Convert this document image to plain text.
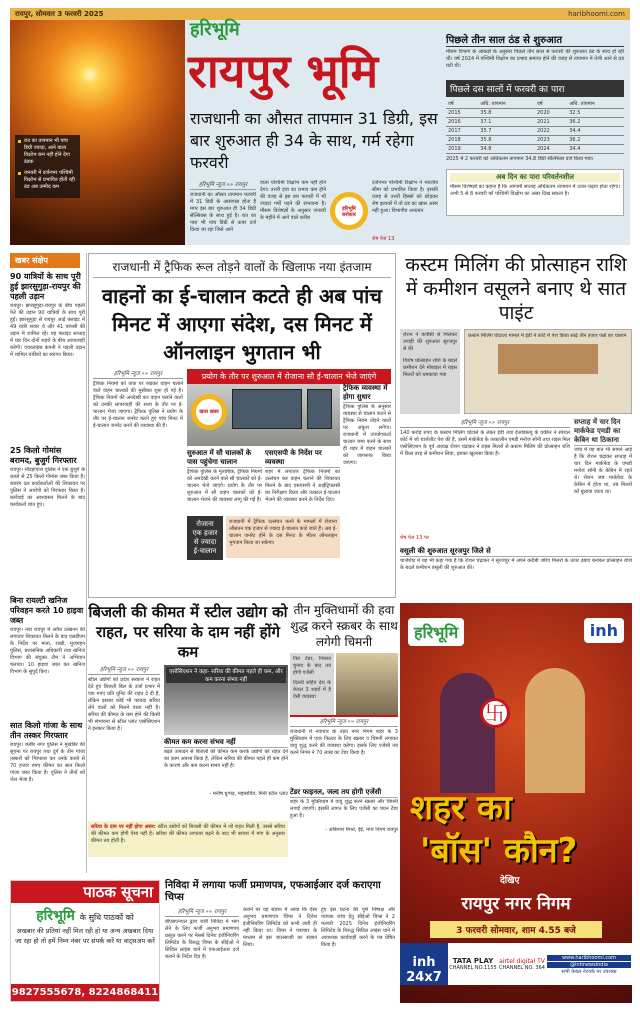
रायपुर, सोमवार 3 फरवरी 2025	haribhoomi.com
रात का तापमान भी पांच डिग्री ज्यादा, आने वाला विक्षोभ कम नहीं होने देगा ठंडक
जनवरी में दर्जनभर पश्चिमी विक्षोभ से प्रभावित होती रही ठंड अब उम्मीद कम
हरिभूमि
रायपुर भूमि
राजधानी का औसत तापमान 31 डिग्री, इस बार शुरुआत ही 34 के साथ, गर्म रहेगा फरवरी
हरिभूमि न्यूज »» रायपुर
राजधानी का औसत तापमान फरवरी में 31 डिग्री के आसपास होता है मगर इस बार शुरुआत ही 34 डिग्री सेल्सियस के साथ हुई है। रात का पारा भी पांच डिग्री से ऊपर दर्ज किया जा रहा जिसे आने
वाला पश्चिमी विक्षोभ कम नहीं होने देगा। उत्तरी हवा का प्रभाव कम होने की वजह से इस बार फरवरी में भी ज्यादा गर्मी पड़ने की संभावना है। मौसम विशेषज्ञों के अनुसार जनवरी के महीने में आने वाले करीब
हरिभूमि सरोकार
दर्जनभर पश्चिमी विक्षोभ ने भारतीय सीमा को प्रभावित किया है। इसकी वजह से उत्तरी हिस्सों को छोड़कर शेष इलाकों में तो ठंड का खास असर नहीं हुआ। विभागीय अध्ययन
शेष पेज 13
पिछले तीन साल ठंड से शुरुआत
मौसम विभाग के आंकड़ों के अनुसार पिछले तीन साल से फरवरी की शुरुआत ठंड के साथ हो रही थी। वर्ष 2024 में पश्चिमी विक्षोभ का प्रभाव समाप्त होने की वजह से तापमान में तेजी आने से ठंड घटी थी।
पिछले दस सालों में फरवरी का पारा
वर्ष	अधि. तापमान	वर्ष	अधि. तापमान
2015	35.8	2020	32.5
2016	37.1	2021	36.2
2017	35.7	2022	34.4
2018	35.8	2023	36.2
2019	34.8	2024	34.4
2025 में 2 फरवरी को अधिकतम तापमान 34.8 डिग्री सेल्सियस दर्ज किया गया।
अब दिन का पारा परिवर्तनशील
मौसम विशेषज्ञों का कहना है कि आगामी सप्ताह अधिकतम तापमान में उतार-चढ़ाव होता रहेगा। अभी 5 से 8 फरवरी को पश्चिमी विक्षोभ का असर दिख सकता है।
खबर संक्षेप
90 यात्रियों के साथ पूरी हुई झारसुगुड़ा-रायपुर की पहली उड़ान
रायपुर। झारसुगुड़ा-रायपुर के बीच पहली फेरे की उड़ान 90 यात्रियों के साथ पूरी हुई। झारसुगुड़ा से रायपुर आई फ्लाइट में 49 यात्री सवार थे और 41 वापसी की उड़ान में शामिल रहे। यह फ्लाइट सप्ताह में चार दिन दोनों शहरों के बीच आवाजाही करेगी। एयरलाइंस कंपनी ने पहली उड़ान में शामिल यात्रियों का स्वागत किया।
25 किलो गोमांस बरामद, बुजुर्ग गिरफ्तार
रायपुर। मौदहापारा पुलिस ने एक बुजुर्ग के कब्जे से 25 किलो गोमांस जब्त किया है। बजरंग दल कार्यकर्ताओं की शिकायत पर पुलिस ने आरोपी को गिरफ्तार किया है। कार्रवाई का आश्वासन मिलने के बाद कार्यकर्ता शांत हुए।
बिना रायल्टी खनिज परिवहन करते 10 हाइवा जब्त
रायपुर। नवा रायपुर में अवैध उत्खनन की लगातार शिकायत मिलने के बाद एसडीएम के निर्देश पर माना, राखी, मुजगहन पुलिस, प्रशासनिक अधिकारी तथा खनिज विभाग की संयुक्त टीम ने अभियान चलाया। 10 हाइवा जब्त कर खनिज विभाग के सुपुर्द किए।
सात किलो गांजा के साथ तीन तस्कर गिरफ्तार
रायपुर। कबीर नगर पुलिस ने मुखबिर की सूचना पर रायपुर तथा दुर्ग के तीन गांजा तस्करों को गिरफ्तार कर उनके कब्जे से 70 हजार रुपए कीमत का सात किलो गांजा जब्त किया है। पुलिस ने तीनों को जेल भेजा है।
राजधानी में ट्रैफिक रूल तोड़ने वालों के खिलाफ नया इंतजाम
वाहनों का ई-चालान कटते ही अब पांच मिनट में आएगा संदेश, दस मिनट में ऑनलाइन भुगतान भी
हरिभूमि न्यूज »» रायपुर
ट्रैफिक नियमों को ताक पर रखकर वाहन चलाने वाले वाहन चालकों की मुसीबत शुरू हो गई है। ट्रैफिक नियमों की अनदेखी कर वाहन चलाने वालों को उनकी लापरवाही की सजा के तौर पर ई-चालान भेजा जाएगा। ट्रैफिक पुलिस ने प्रयोग के तौर पर ई-चालान जनरेट करते हुए पांच मिनट में ई-चालान जनरेट करने की व्यवस्था की है।
प्रयोग के तौर पर शुरुआत में रोजाना सौ ई-चालान भेजे जाएंगे
खास खबर
सुरुआत में सौ चालकों के पास पहुंचेगा चालान
ट्रैफिक पुलिस के मुताबिक, ट्रैफिक नियमों को अनदेखी करने वाले सौ चालकों को ई-चालान भेजे जाएंगे। प्रयोग के तौर पर शुरुआत में सौ वाहन चालकों को ई-चालान भेजने की व्यवस्था लागू की गई है।
एसएसपी के निर्देश पर व्यवस्था
शहर में लगातार ट्रैफिक नियमों का उल्लंघन कर वाहन चलाने की शिकायत मिलने के बाद एसएसपी ने आईट्रिपलसी का निरीक्षण किया और तत्काल ई-चालान भेजने की व्यवस्था करने के निर्देश दिए।
रोजाना एक हजार से ज्यादा ई-चालान
राजधानी में ट्रैफिक उल्लंघन करने के मामलों में रोजाना औसतन एक हजार से ज्यादा ई-चालान काटे जाते हैं। अब ई-चालान जनरेट होने के दस मिनट के भीतर ऑनलाइन भुगतान किया जा सकेगा।
ट्रैफिक व्यवस्था में होगा सुधार
ट्रैफिक पुलिस के अनुसार व्यवस्था से चालान कटने से ट्रैफिक नियम तोड़ने वालों पर अंकुश लगेगा। राजधानी में उपयोगकर्ता चालान जमा करने के साथ ही शहर में वाहन चालकों को जागरूक किया जाएगा।
कस्टम मिलिंग की प्रोत्साहन राशि में कमीशन वसूलने बनाए थे सात पाइंट
रोशन ने कवीसी से मिलकर उगाही की शुरुआत सूरजपुर से की
विशेष प्रोत्साहन राशि के बदले कमीशन देने मोबाइल में राइस मिलरों को धमकाया गया
कस्टम मिलिंग घोटाला मामले में ईडी ने कोर्ट में पेश किया साढ़े तीन हजार पन्नों का चालान
हरिभूमि न्यूज »» रायपुर
140 करोड़ रुपए के कस्टम मिलिंग घोटाले के लेकर ईडी तथा ईओडब्ल्यू के वकील ने स्पेशल कोर्ट में जो चार्जशीट पेश की है, उसमें मार्कफेड के तत्कालीन एमडी मनोज सोनी तथा राइस मिल एसोसिएशन के पूर्व अध्यक्ष रोशन चंद्राकर ने राइस मिलरों से कस्टम मिलिंग की प्रोत्साहन राशि में किस तरह से कमीशन लिया, इसका खुलासा किया है।
शेष पेज 13 पर
सप्ताह में चार दिन मार्कफेड एमडी का केबिन था ठिकाना
जांच में यह बात भी सामने आई है कि रोशन चंद्राकर सप्ताह में चार दिन मार्कफेड के एमडी मनोज सोनी के केबिन में रहते थे। रोशन जब मार्कफेड के केबिन में होता था, तब मिलरों को बुलाया जाता था।
वसूली की शुरुआत सूरजपुर जिले से
चार्जशीट में यह भी कहा गया है कि रोशन चंद्राकर ने सूरजपुर में अपने करीबी जरिए मिलरों के ऊपर दबाव बनाकर प्रोत्साहन राशि के बदले कमीशन वसूली की शुरुआत की।
बिजली की कीमत में स्टील उद्योग को राहत, पर सरिया के दाम नहीं होंगे कम
हरिभूमि न्यूज »» रायपुर
स्टील उद्योगों को प्रदेश सरकार ने राहत देते हुए बिजली बिल के उर्जा प्रभार में एक रुपए प्रति यूनिट की राहत दे दी है, लेकिन इसका कोई भी फायदा सरिया लेने वालों को मिलने वाला नहीं है। सरिया की कीमत के कम होने की किसी भी संभावना से स्टील प्लांट एसोसिएशन ने इनकार किया है।
एसोसिएशन ने कहा- सरिया की कीमत पहले ही कम, और कम करना संभव नहीं
कीमत कम करना संभव नहीं
बढ़ते उत्पादन से बिजली की कीमत कम करके उद्योगों को राहत देने का काम अवश्य किया है, लेकिन सरिया की कीमत पहले ही कम होने के कारण और कम करना संभव नहीं है।
- मनीष धुप्पड़, महासचिव, मिनी स्टील प्लांट
सरिया के दाम पर नहीं होगा असर: स्टील उद्योगों को बिजली की कीमत में जो राहत मिली है, उससे सरिया की कीमत कम होगी ऐसा नहीं है। सरिया की कीमत लगातार बढ़ने के बाद भी बाजार में मांग के अनुसार कीमत तय होती है।
तीन मुक्तिधामों की हवा शुद्ध करने स्क्रबर के साथ लगेगी चिमनी
फिर टेंडर, निकाय चुनाव के बाद तय होगी एजेंसी
दिल्ली सहित देश के केवल 3 शहरों में है ऐसी व्यवस्था
हरिभूमि न्यूज »» रायपुर
राजधानी में नवाचार के तहत नगर निगम शहर के 3 मुक्तिधाम में एयर फिल्टर के लिए स्क्रबर व चिमनी लगाकर वायु शुद्ध करने की व्यवस्था करेगा। इसके लिए एजेंसी तय करने निगम ने 70 लाख का टेंडर किया है।
टेंडर फाइनल, जल्द तय होगी एजेंसी
शहर के 3 मुक्तिधाम में वायु शुद्ध करने स्क्रबर और चिमनी लगाई जाएगी। इसकी लागत के लिए एजेंसी का चयन टेंडर हुआ है।
- अबिनाश मिश्रा, ईई, नगर निगम रायपुर
हरिभूमि	inh
卐
शहर का
'बॉस' कौन?
देखिए
रायपुर नगर निगम
3 फरवरी सोमवार, शाम 4.55 बजे
inh 24x7
TATA PLAY
CHANNEL NO.1155
airtel digital TV
CHANNEL NO. 364
www.haribhoomi.com
@inhnewsindia
सभी केबल नेटवर्क पर उपलब्ध
पाठक सूचना
हरिभूमि के सुधि पाठकों को
अखबार की प्रतियां नहीं मिल रही हो या अन्य अखबार दिया जा रहा हो तो हमें निम्न नंबर पर संपर्क करें या वाट्सअप करें
9827555678, 8224868411
निविदा में लगाया फर्जी प्रमाणपत्र, एफआईआर दर्ज कराएगा चिप्स
हरिभूमि न्यूज »» रायपुर
बीएसएनएल द्वारा जारी निविदा में भाग लेने के लिए फर्जी अनुभव प्रमाणपत्र प्रस्तुत करने पर मेसर्स दिनेश इंजीनियरिंग लिमिटेड के विरुद्ध चिप्स के सीईओ ने सिविल लाइंस थाने में एफआईआर दर्ज कराने के निर्देश दिए हैं।
कराने पर यह संज्ञान में आया कि ऐसा अनुभव प्रमाणपत्र चिप्स ने दिनेश इंजीनियरिंग लिमिटेड को कभी जारी ही नहीं किया था। चिप्स ने पत्राचार के माध्यम से इस जालसाजी का संज्ञान लिया।
हुए इस घटना की पूर्ण निष्पक्ष और व्यापक जांच हेतु सीईओ चिप्स ने 2 फरवरी 2025 दिनेश इंजीनियरिंग लिमिटेड के विरुद्ध सिविल लाइंस थाने में आवश्यक कार्यवाही करने के पत्र प्रेषित किया है।
